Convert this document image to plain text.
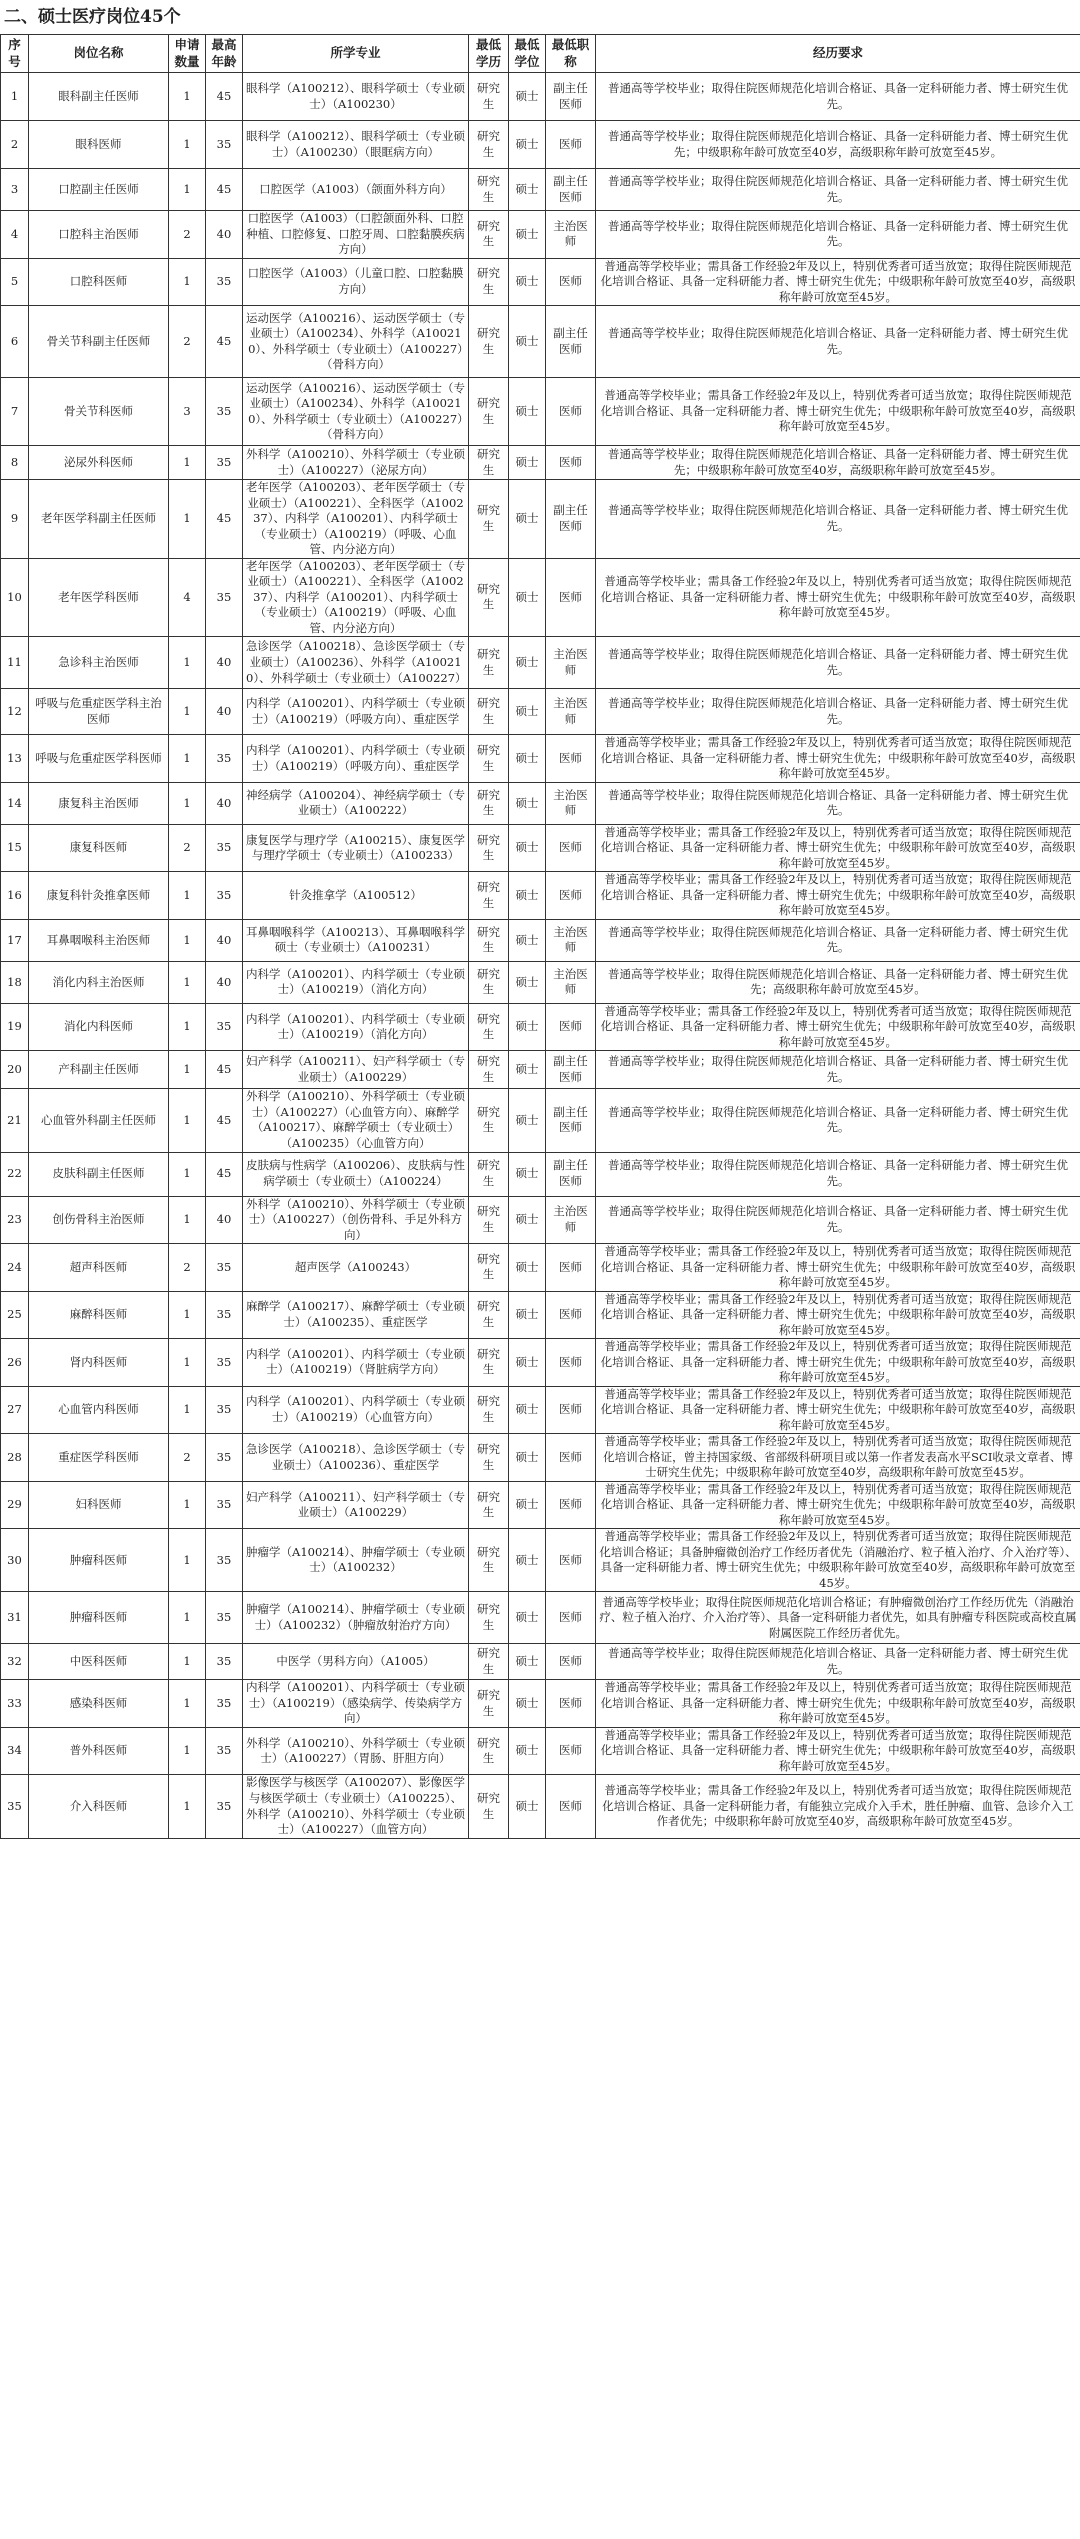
二、硕士医疗岗位45个
序号	岗位名称	申请数量	最高年龄	所学专业	最低学历	最低学位	最低职称	经历要求
1	眼科副主任医师	1	45	眼科学（A100212）、眼科学硕士（专业硕士）（A100230）	研究生	硕士	副主任医师	普通高等学校毕业；取得住院医师规范化培训合格证、具备一定科研能力者、博士研究生优先。
2	眼科医师	1	35	眼科学（A100212）、眼科学硕士（专业硕士）（A100230）（眼眶病方向）	研究生	硕士	医师	普通高等学校毕业；取得住院医师规范化培训合格证、具备一定科研能力者、博士研究生优先；中级职称年龄可放宽至40岁，高级职称年龄可放宽至45岁。
3	口腔副主任医师	1	45	口腔医学（A1003）（颌面外科方向）	研究生	硕士	副主任医师	普通高等学校毕业；取得住院医师规范化培训合格证、具备一定科研能力者、博士研究生优先。
4	口腔科主治医师	2	40	口腔医学（A1003）（口腔颌面外科、口腔种植、口腔修复、口腔牙周、口腔黏膜疾病方向）	研究生	硕士	主治医师	普通高等学校毕业；取得住院医师规范化培训合格证、具备一定科研能力者、博士研究生优先。
5	口腔科医师	1	35	口腔医学（A1003）（儿童口腔、口腔黏膜方向）	研究生	硕士	医师	普通高等学校毕业；需具备工作经验2年及以上，特别优秀者可适当放宽；取得住院医师规范化培训合格证、具备一定科研能力者、博士研究生优先；中级职称年龄可放宽至40岁，高级职称年龄可放宽至45岁。
6	骨关节科副主任医师	2	45	运动医学（A100216）、运动医学硕士（专业硕士）（A100234）、外科学（A100210）、外科学硕士（专业硕士）（A100227）（骨科方向）	研究生	硕士	副主任医师	普通高等学校毕业；取得住院医师规范化培训合格证、具备一定科研能力者、博士研究生优先。
7	骨关节科医师	3	35	运动医学（A100216）、运动医学硕士（专业硕士）（A100234）、外科学（A100210）、外科学硕士（专业硕士）（A100227）（骨科方向）	研究生	硕士	医师	普通高等学校毕业；需具备工作经验2年及以上，特别优秀者可适当放宽；取得住院医师规范化培训合格证、具备一定科研能力者、博士研究生优先；中级职称年龄可放宽至40岁，高级职称年龄可放宽至45岁。
8	泌尿外科医师	1	35	外科学（A100210）、外科学硕士（专业硕士）（A100227）（泌尿方向）	研究生	硕士	医师	普通高等学校毕业；取得住院医师规范化培训合格证、具备一定科研能力者、博士研究生优先；中级职称年龄可放宽至40岁，高级职称年龄可放宽至45岁。
9	老年医学科副主任医师	1	45	老年医学（A100203）、老年医学硕士（专业硕士）（A100221）、全科医学（A100237）、内科学（A100201）、内科学硕士（专业硕士）（A100219）（呼吸、心血管、内分泌方向）	研究生	硕士	副主任医师	普通高等学校毕业；取得住院医师规范化培训合格证、具备一定科研能力者、博士研究生优先。
10	老年医学科医师	4	35	老年医学（A100203）、老年医学硕士（专业硕士）（A100221）、全科医学（A100237）、内科学（A100201）、内科学硕士（专业硕士）（A100219）（呼吸、心血管、内分泌方向）	研究生	硕士	医师	普通高等学校毕业；需具备工作经验2年及以上，特别优秀者可适当放宽；取得住院医师规范化培训合格证、具备一定科研能力者、博士研究生优先；中级职称年龄可放宽至40岁，高级职称年龄可放宽至45岁。
11	急诊科主治医师	1	40	急诊医学（A100218）、急诊医学硕士（专业硕士）（A100236）、外科学（A100210）、外科学硕士（专业硕士）（A100227）	研究生	硕士	主治医师	普通高等学校毕业；取得住院医师规范化培训合格证、具备一定科研能力者、博士研究生优先。
12	呼吸与危重症医学科主治医师	1	40	内科学（A100201）、内科学硕士（专业硕士）（A100219）（呼吸方向）、重症医学	研究生	硕士	主治医师	普通高等学校毕业；取得住院医师规范化培训合格证、具备一定科研能力者、博士研究生优先。
13	呼吸与危重症医学科医师	1	35	内科学（A100201）、内科学硕士（专业硕士）（A100219）（呼吸方向）、重症医学	研究生	硕士	医师	普通高等学校毕业；需具备工作经验2年及以上，特别优秀者可适当放宽；取得住院医师规范化培训合格证、具备一定科研能力者、博士研究生优先；中级职称年龄可放宽至40岁，高级职称年龄可放宽至45岁。
14	康复科主治医师	1	40	神经病学（A100204）、神经病学硕士（专业硕士）（A100222）	研究生	硕士	主治医师	普通高等学校毕业；取得住院医师规范化培训合格证、具备一定科研能力者、博士研究生优先。
15	康复科医师	2	35	康复医学与理疗学（A100215）、康复医学与理疗学硕士（专业硕士）（A100233）	研究生	硕士	医师	普通高等学校毕业；需具备工作经验2年及以上，特别优秀者可适当放宽；取得住院医师规范化培训合格证、具备一定科研能力者、博士研究生优先；中级职称年龄可放宽至40岁，高级职称年龄可放宽至45岁。
16	康复科针灸推拿医师	1	35	针灸推拿学（A100512）	研究生	硕士	医师	普通高等学校毕业；需具备工作经验2年及以上，特别优秀者可适当放宽；取得住院医师规范化培训合格证、具备一定科研能力者、博士研究生优先；中级职称年龄可放宽至40岁，高级职称年龄可放宽至45岁。
17	耳鼻咽喉科主治医师	1	40	耳鼻咽喉科学（A100213）、耳鼻咽喉科学硕士（专业硕士）（A100231）	研究生	硕士	主治医师	普通高等学校毕业；取得住院医师规范化培训合格证、具备一定科研能力者、博士研究生优先。
18	消化内科主治医师	1	40	内科学（A100201）、内科学硕士（专业硕士）（A100219）（消化方向）	研究生	硕士	主治医师	普通高等学校毕业；取得住院医师规范化培训合格证、具备一定科研能力者、博士研究生优先；高级职称年龄可放宽至45岁。
19	消化内科医师	1	35	内科学（A100201）、内科学硕士（专业硕士）（A100219）（消化方向）	研究生	硕士	医师	普通高等学校毕业；需具备工作经验2年及以上，特别优秀者可适当放宽；取得住院医师规范化培训合格证、具备一定科研能力者、博士研究生优先；中级职称年龄可放宽至40岁，高级职称年龄可放宽至45岁。
20	产科副主任医师	1	45	妇产科学（A100211）、妇产科学硕士（专业硕士）（A100229）	研究生	硕士	副主任医师	普通高等学校毕业；取得住院医师规范化培训合格证、具备一定科研能力者、博士研究生优先。
21	心血管外科副主任医师	1	45	外科学（A100210）、外科学硕士（专业硕士）（A100227）（心血管方向）、麻醉学（A100217）、麻醉学硕士（专业硕士）（A100235）（心血管方向）	研究生	硕士	副主任医师	普通高等学校毕业；取得住院医师规范化培训合格证、具备一定科研能力者、博士研究生优先。
22	皮肤科副主任医师	1	45	皮肤病与性病学（A100206）、皮肤病与性病学硕士（专业硕士）（A100224）	研究生	硕士	副主任医师	普通高等学校毕业；取得住院医师规范化培训合格证、具备一定科研能力者、博士研究生优先。
23	创伤骨科主治医师	1	40	外科学（A100210）、外科学硕士（专业硕士）（A100227）（创伤骨科、手足外科方向）	研究生	硕士	主治医师	普通高等学校毕业；取得住院医师规范化培训合格证、具备一定科研能力者、博士研究生优先。
24	超声科医师	2	35	超声医学（A100243）	研究生	硕士	医师	普通高等学校毕业；需具备工作经验2年及以上，特别优秀者可适当放宽；取得住院医师规范化培训合格证、具备一定科研能力者、博士研究生优先；中级职称年龄可放宽至40岁，高级职称年龄可放宽至45岁。
25	麻醉科医师	1	35	麻醉学（A100217）、麻醉学硕士（专业硕士）（A100235）、重症医学	研究生	硕士	医师	普通高等学校毕业；需具备工作经验2年及以上，特别优秀者可适当放宽；取得住院医师规范化培训合格证、具备一定科研能力者、博士研究生优先；中级职称年龄可放宽至40岁，高级职称年龄可放宽至45岁。
26	肾内科医师	1	35	内科学（A100201）、内科学硕士（专业硕士）（A100219）（肾脏病学方向）	研究生	硕士	医师	普通高等学校毕业；需具备工作经验2年及以上，特别优秀者可适当放宽；取得住院医师规范化培训合格证、具备一定科研能力者、博士研究生优先；中级职称年龄可放宽至40岁，高级职称年龄可放宽至45岁。
27	心血管内科医师	1	35	内科学（A100201）、内科学硕士（专业硕士）（A100219）（心血管方向）	研究生	硕士	医师	普通高等学校毕业；需具备工作经验2年及以上，特别优秀者可适当放宽；取得住院医师规范化培训合格证、具备一定科研能力者、博士研究生优先；中级职称年龄可放宽至40岁，高级职称年龄可放宽至45岁。
28	重症医学科医师	2	35	急诊医学（A100218）、急诊医学硕士（专业硕士）（A100236）、重症医学	研究生	硕士	医师	普通高等学校毕业；需具备工作经验2年及以上，特别优秀者可适当放宽；取得住院医师规范化培训合格证，曾主持国家级、省部级科研项目或以第一作者发表高水平SCI收录文章者、博士研究生优先；中级职称年龄可放宽至40岁，高级职称年龄可放宽至45岁。
29	妇科医师	1	35	妇产科学（A100211）、妇产科学硕士（专业硕士）（A100229）	研究生	硕士	医师	普通高等学校毕业；需具备工作经验2年及以上，特别优秀者可适当放宽；取得住院医师规范化培训合格证、具备一定科研能力者、博士研究生优先；中级职称年龄可放宽至40岁，高级职称年龄可放宽至45岁。
30	肿瘤科医师	1	35	肿瘤学（A100214）、肿瘤学硕士（专业硕士）（A100232）	研究生	硕士	医师	普通高等学校毕业；需具备工作经验2年及以上，特别优秀者可适当放宽；取得住院医师规范化培训合格证；具备肿瘤微创治疗工作经历者优先（消融治疗、粒子植入治疗、介入治疗等）、具备一定科研能力者、博士研究生优先；中级职称年龄可放宽至40岁，高级职称年龄可放宽至45岁。
31	肿瘤科医师	1	35	肿瘤学（A100214）、肿瘤学硕士（专业硕士）（A100232）（肿瘤放射治疗方向）	研究生	硕士	医师	普通高等学校毕业；取得住院医师规范化培训合格证；有肿瘤微创治疗工作经历优先（消融治疗、粒子植入治疗、介入治疗等）、具备一定科研能力者优先，如具有肿瘤专科医院或高校直属附属医院工作经历者优先。
32	中医科医师	1	35	中医学（男科方向）（A1005）	研究生	硕士	医师	普通高等学校毕业；取得住院医师规范化培训合格证、具备一定科研能力者、博士研究生优先。
33	感染科医师	1	35	内科学（A100201）、内科学硕士（专业硕士）（A100219）（感染病学、传染病学方向）	研究生	硕士	医师	普通高等学校毕业；需具备工作经验2年及以上，特别优秀者可适当放宽；取得住院医师规范化培训合格证、具备一定科研能力者、博士研究生优先；中级职称年龄可放宽至40岁，高级职称年龄可放宽至45岁。
34	普外科医师	1	35	外科学（A100210）、外科学硕士（专业硕士）（A100227）（胃肠、肝胆方向）	研究生	硕士	医师	普通高等学校毕业；需具备工作经验2年及以上，特别优秀者可适当放宽；取得住院医师规范化培训合格证、具备一定科研能力者、博士研究生优先；中级职称年龄可放宽至40岁，高级职称年龄可放宽至45岁。
35	介入科医师	1	35	影像医学与核医学（A100207）、影像医学与核医学硕士（专业硕士）（A100225）、外科学（A100210）、外科学硕士（专业硕士）（A100227）（血管方向）	研究生	硕士	医师	普通高等学校毕业；需具备工作经验2年及以上，特别优秀者可适当放宽；取得住院医师规范化培训合格证、具备一定科研能力者，有能独立完成介入手术，胜任肿瘤、血管、急诊介入工作者优先；中级职称年龄可放宽至40岁，高级职称年龄可放宽至45岁。
